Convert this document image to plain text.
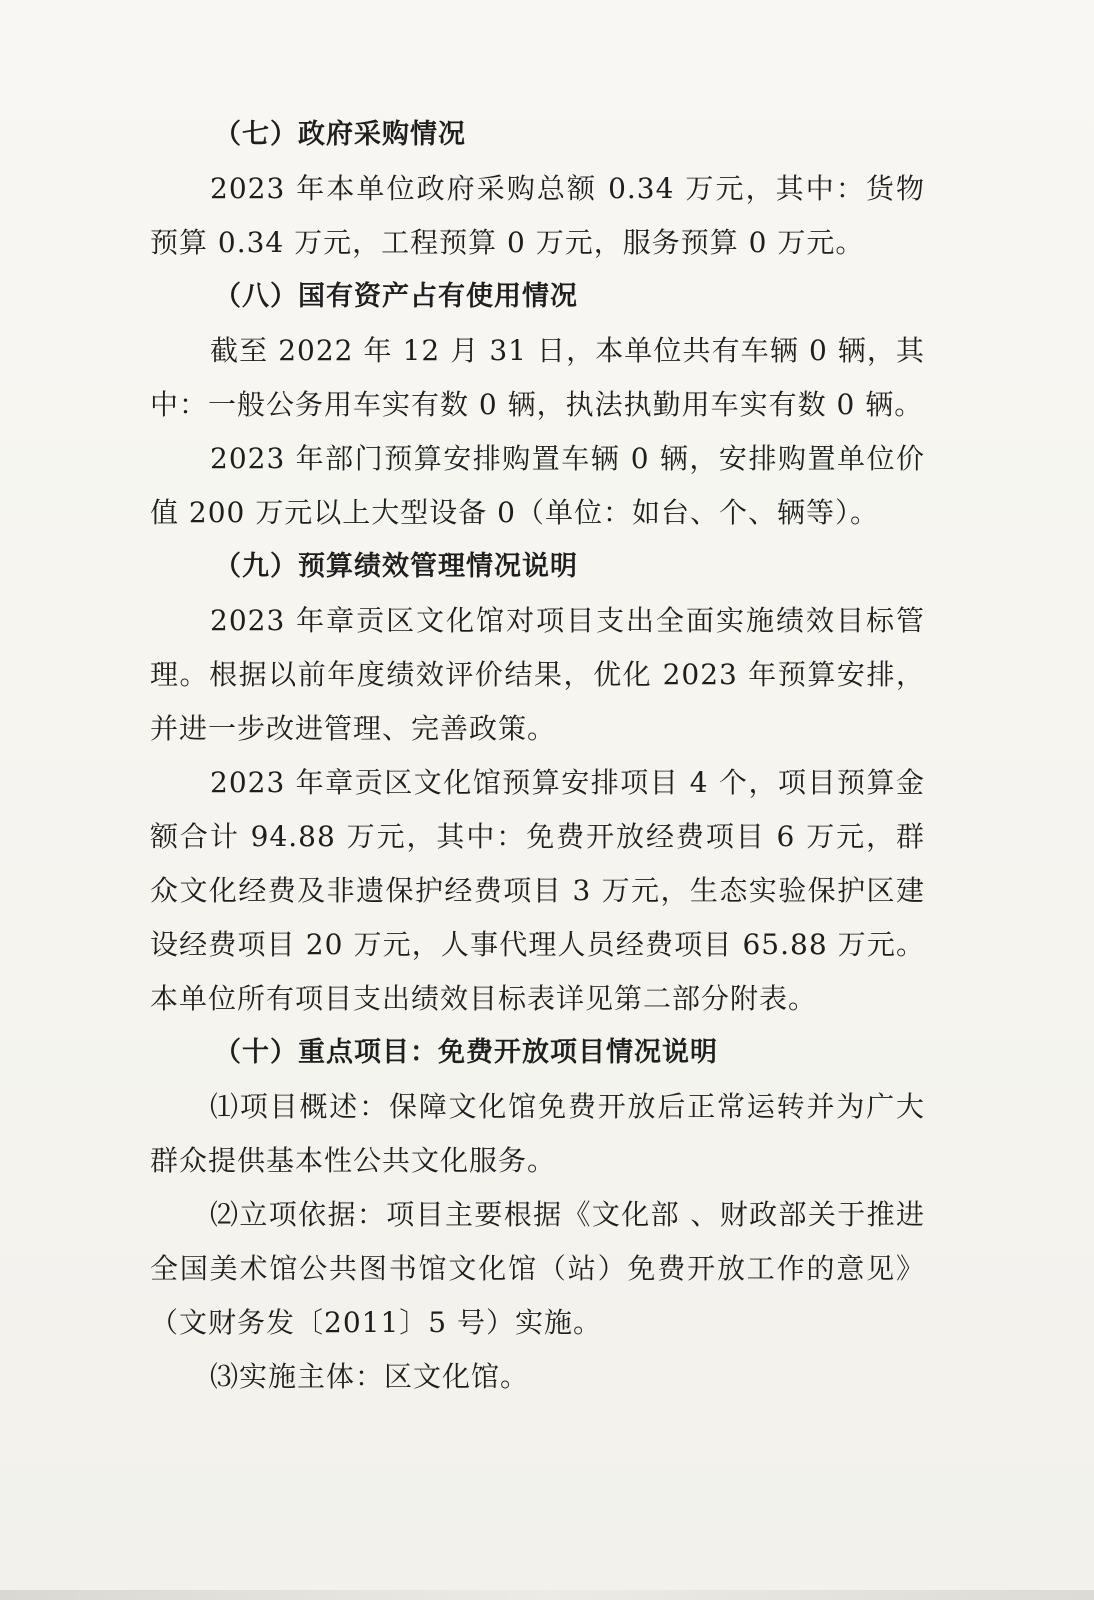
（七）政府采购情况

2023 年本单位政府采购总额 0.34 万元，其中：货物预算 0.34 万元，工程预算 0 万元，服务预算 0 万元。

（八）国有资产占有使用情况

截至 2022 年 12 月 31 日，本单位共有车辆 0 辆，其中：一般公务用车实有数 0 辆，执法执勤用车实有数 0 辆。

2023 年部门预算安排购置车辆 0 辆，安排购置单位价值 200 万元以上大型设备 0（单位：如台、个、辆等）。

（九）预算绩效管理情况说明

2023 年章贡区文化馆对项目支出全面实施绩效目标管理。根据以前年度绩效评价结果，优化 2023 年预算安排，并进一步改进管理、完善政策。

2023 年章贡区文化馆预算安排项目 4 个，项目预算金额合计 94.88 万元，其中：免费开放经费项目 6 万元，群众文化经费及非遗保护经费项目 3 万元，生态实验保护区建设经费项目 20 万元，人事代理人员经费项目 65.88 万元。本单位所有项目支出绩效目标表详见第二部分附表。

（十）重点项目：免费开放项目情况说明

⑴项目概述：保障文化馆免费开放后正常运转并为广大群众提供基本性公共文化服务。

⑵立项依据：项目主要根据《文化部 、财政部关于推进全国美术馆公共图书馆文化馆（站）免费开放工作的意见》（文财务发〔2011〕5 号）实施。

⑶实施主体：区文化馆。
